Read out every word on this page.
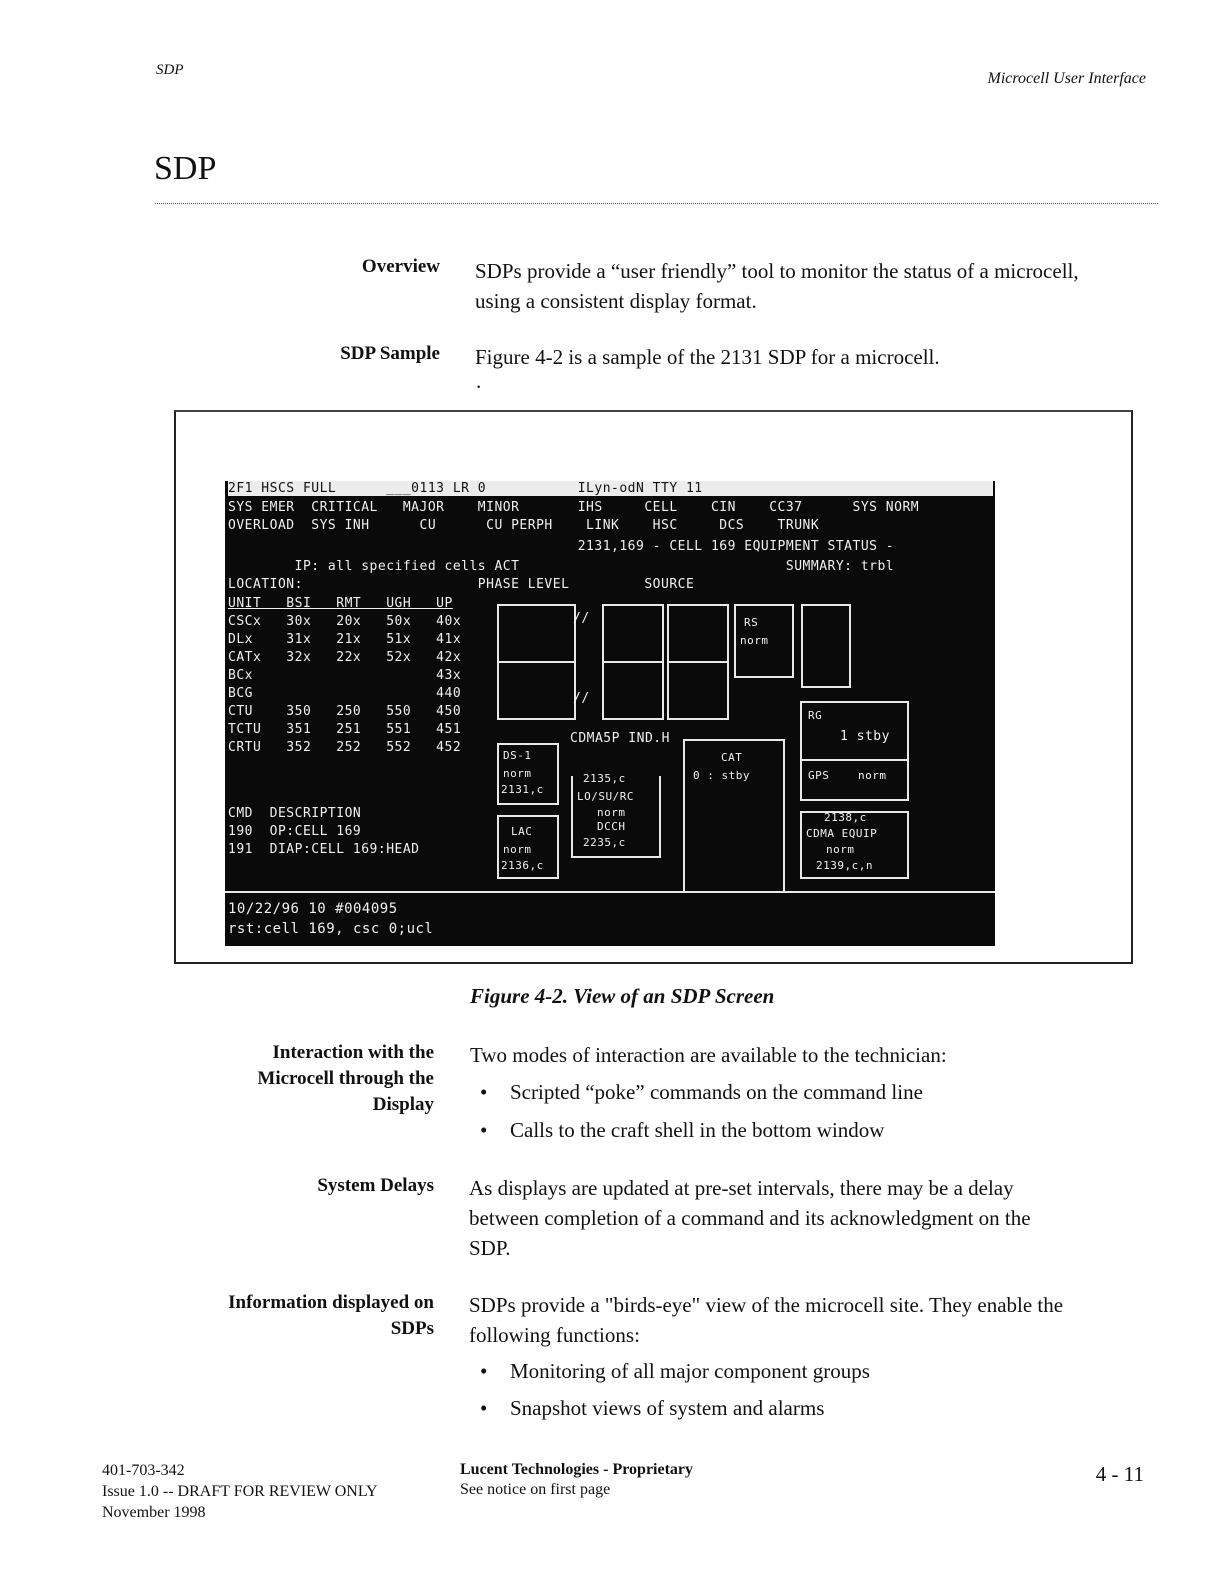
SDP	Microcell User Interface
SDP
Overview SDPs provide a “user friendly” tool to monitor the status of a microcell,
using a consistent display format.
SDP Sample Figure 4-2 is a sample of the 2131 SDP for a microcell.
.
2F1 HSCS FULL      ___0113 LR 0           ILyn-odN TTY 11
SYS EMER  CRITICAL   MAJOR    MINOR       IHS     CELL    CIN    CC37      SYS NORM
OVERLOAD  SYS INH      CU      CU PERPH    LINK    HSC     DCS    TRUNK
2131,169 - CELL 169 EQUIPMENT STATUS -
IP: all specified cells ACT                                SUMMARY: trbl
LOCATION:                     PHASE LEVEL         SOURCE
UNIT   BSI   RMT   UGH   UP
CSCx   30x   20x   50x   40x
DLx    31x   21x   51x   41x
CATx   32x   22x   52x   42x
BCx                      43x
BCG                      440
CTU    350   250   550   450
TCTU   351   251   551   451
CRTU   352   252   552   452
CMD  DESCRIPTION
190  OP:CELL 169
191  DIAP:CELL 169:HEAD
//
//
RS
norm
RG
1 stby
GPS	norm
CDMA5P IND.H
CAT
0 : stby
DS-1
norm
2131,c
2135,c
LO/SU/RC
norm
DCCH
2235,c
LAC
norm
2136,c
2138,c
CDMA EQUIP
norm
2139,c,n
10/22/96 10 #004095
rst:cell 169, csc 0;ucl
Figure 4-2. View of an SDP Screen
Interaction with the
Microcell through the
Display
Two modes of interaction are available to the technician:
• Scripted “poke” commands on the command line
• Calls to the craft shell in the bottom window
System Delays As displays are updated at pre-set intervals, there may be a delay
between completion of a command and its acknowledgment on the
SDP.
Information displayed on
SDPs
SDPs provide a "birds-eye" view of the microcell site. They enable the
following functions:
• Monitoring of all major component groups
• Snapshot views of system and alarms
401-703-342
Issue 1.0 -- DRAFT FOR REVIEW ONLY
November 1998
Lucent Technologies - Proprietary
See notice on first page
4 - 11
